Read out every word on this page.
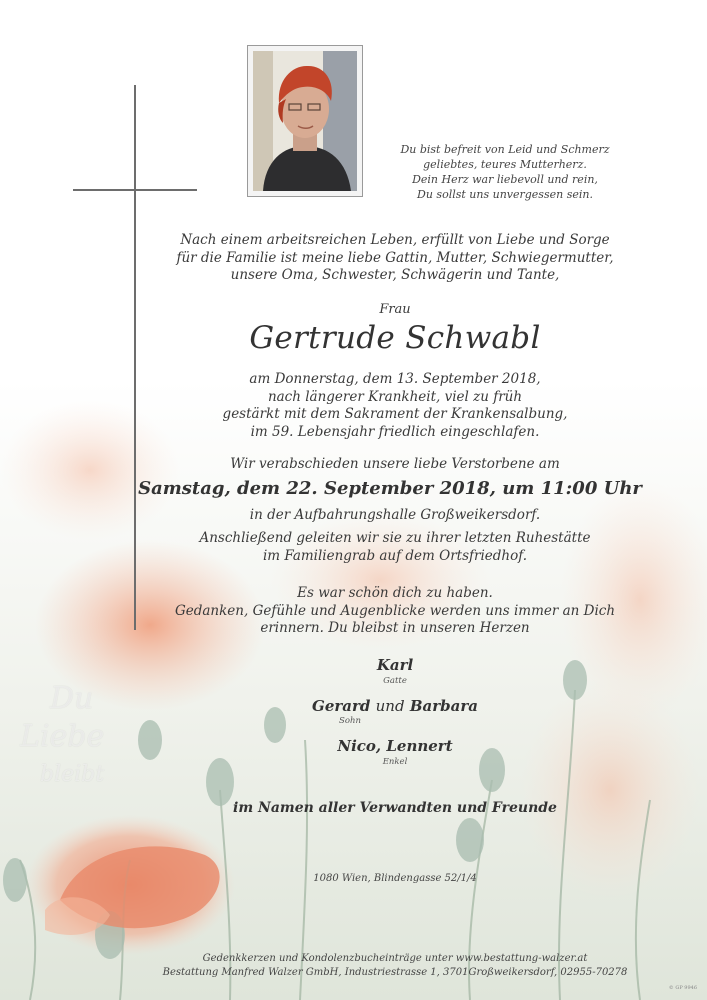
Du
Liebe
bleibt
Du bist befreit von Leid und Schmerz
geliebtes, teures Mutterherz.
Dein Herz war liebevoll und rein,
Du sollst uns unvergessen sein.
Nach einem arbeitsreichen Leben, erfüllt von Liebe und Sorge
für die Familie ist meine liebe Gattin, Mutter, Schwiegermutter,
unsere Oma, Schwester, Schwägerin und Tante,
Frau
Gertrude Schwabl
am Donnerstag, dem 13. September 2018,
nach längerer Krankheit, viel zu früh
gestärkt mit dem Sakrament der Krankensalbung,
im 59. Lebensjahr friedlich eingeschlafen.
Wir verabschieden unsere liebe Verstorbene am
Samstag, dem 22. September 2018, um 11:00 Uhr
in der Aufbahrungshalle Großweikersdorf.
Anschließend geleiten wir sie zu ihrer letzten Ruhestätte
im Familiengrab auf dem Ortsfriedhof.
Es war schön dich zu haben.
Gedanken, Gefühle und Augenblicke werden uns immer an Dich
erinnern. Du bleibst in unseren Herzen
Karl
Gatte
Gerard und Barbara
Sohn
Nico, Lennert
Enkel
im Namen aller Verwandten und Freunde
1080 Wien, Blindengasse 52/1/4
Gedenkkerzen und Kondolenzbucheinträge unter www.bestattung-walzer.at
Bestattung Manfred Walzer GmbH, Industriestrasse 1, 3701Großweikersdorf, 02955-70278
© GP 9946
